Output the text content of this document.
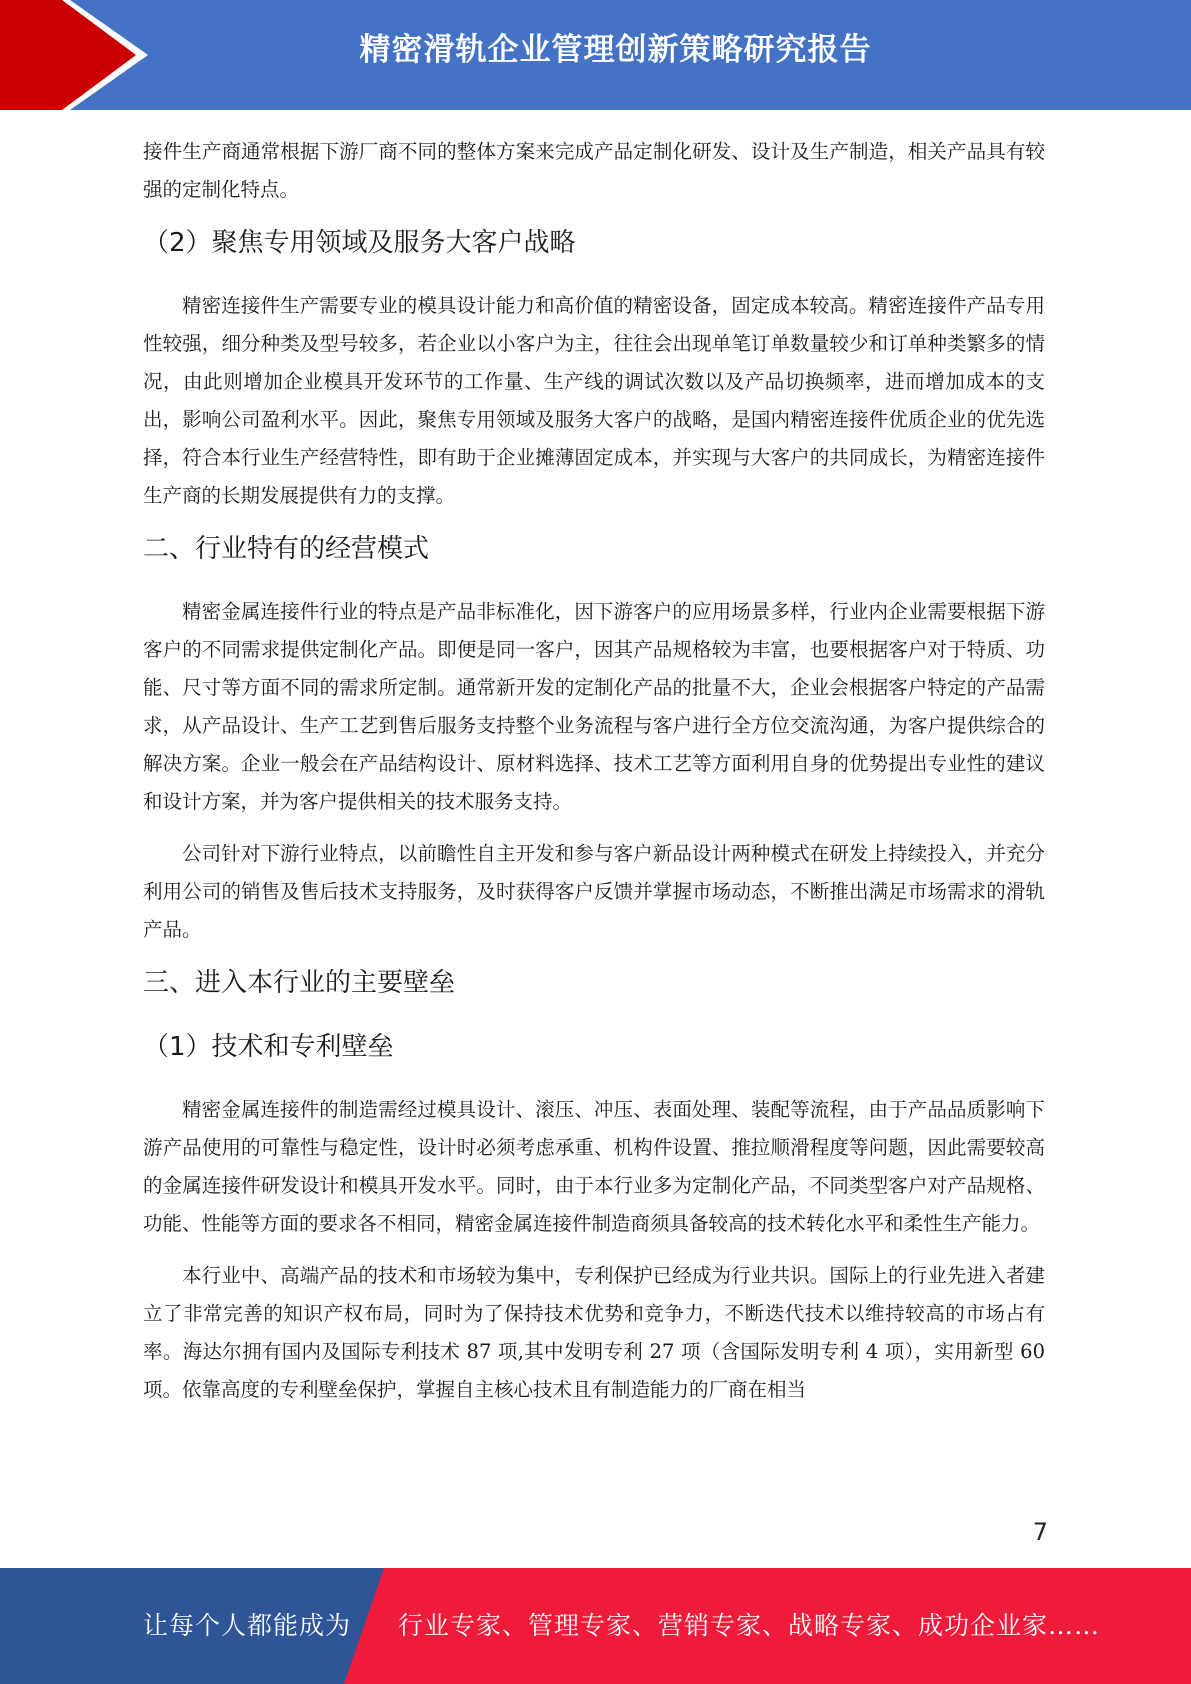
精密滑轨企业管理创新策略研究报告

接件生产商通常根据下游厂商不同的整体方案来完成产品定制化研发、设计及生产制造，相关产品具有较强的定制化特点。

（2）聚焦专用领域及服务大客户战略

精密连接件生产需要专业的模具设计能力和高价值的精密设备，固定成本较高。精密连接件产品专用性较强，细分种类及型号较多，若企业以小客户为主，往往会出现单笔订单数量较少和订单种类繁多的情况，由此则增加企业模具开发环节的工作量、生产线的调试次数以及产品切换频率，进而增加成本的支出，影响公司盈利水平。因此，聚焦专用领域及服务大客户的战略，是国内精密连接件优质企业的优先选择，符合本行业生产经营特性，即有助于企业摊薄固定成本，并实现与大客户的共同成长，为精密连接件生产商的长期发展提供有力的支撑。

二、行业特有的经营模式

精密金属连接件行业的特点是产品非标准化，因下游客户的应用场景多样，行业内企业需要根据下游客户的不同需求提供定制化产品。即便是同一客户，因其产品规格较为丰富，也要根据客户对于特质、功能、尺寸等方面不同的需求所定制。通常新开发的定制化产品的批量不大，企业会根据客户特定的产品需求，从产品设计、生产工艺到售后服务支持整个业务流程与客户进行全方位交流沟通，为客户提供综合的解决方案。企业一般会在产品结构设计、原材料选择、技术工艺等方面利用自身的优势提出专业性的建议和设计方案，并为客户提供相关的技术服务支持。

公司针对下游行业特点，以前瞻性自主开发和参与客户新品设计两种模式在研发上持续投入，并充分利用公司的销售及售后技术支持服务，及时获得客户反馈并掌握市场动态，不断推出满足市场需求的滑轨产品。

三、进入本行业的主要壁垒
（1）技术和专利壁垒

精密金属连接件的制造需经过模具设计、滚压、冲压、表面处理、装配等流程，由于产品品质影响下游产品使用的可靠性与稳定性，设计时必须考虑承重、机构件设置、推拉顺滑程度等问题，因此需要较高的金属连接件研发设计和模具开发水平。同时，由于本行业多为定制化产品，不同类型客户对产品规格、功能、性能等方面的要求各不相同，精密金属连接件制造商须具备较高的技术转化水平和柔性生产能力。

本行业中、高端产品的技术和市场较为集中，专利保护已经成为行业共识。国际上的行业先进入者建立了非常完善的知识产权布局，同时为了保持技术优势和竞争力，不断迭代技术以维持较高的市场占有率。海达尔拥有国内及国际专利技术 87 项,其中发明专利 27 项（含国际发明专利 4 项），实用新型 60 项。依靠高度的专利壁垒保护，掌握自主核心技术且有制造能力的厂商在相当

7
让每个人都能成为 行业专家、管理专家、营销专家、战略专家、成功企业家……
